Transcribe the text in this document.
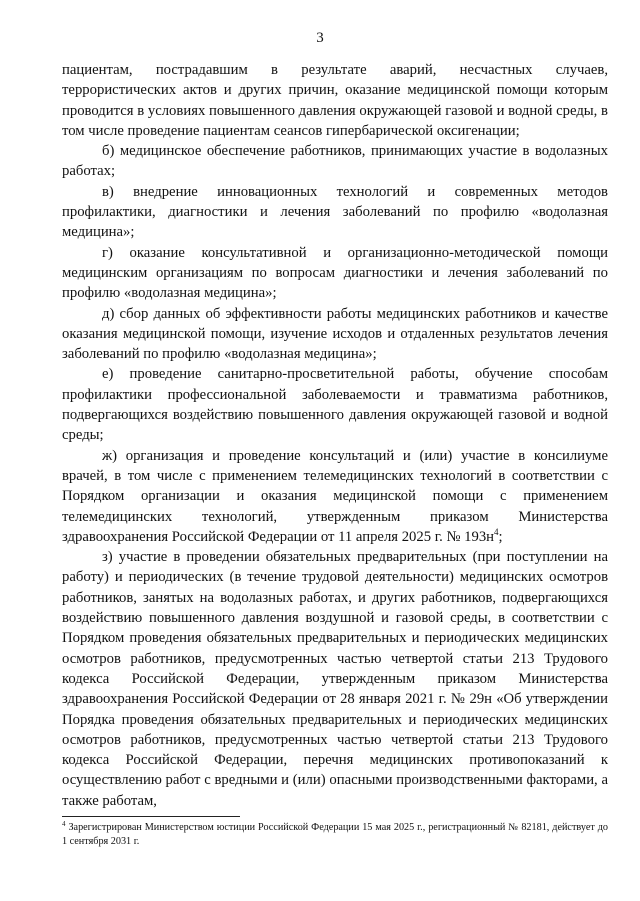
3

пациентам, пострадавшим в результате аварий, несчастных случаев, террористических актов и других причин, оказание медицинской помощи которым проводится в условиях повышенного давления окружающей газовой и водной среды, в том числе проведение пациентам сеансов гипербарической оксигенации;

б) медицинское обеспечение работников, принимающих участие в водолазных работах;

в) внедрение инновационных технологий и современных методов профилактики, диагностики и лечения заболеваний по профилю «водолазная медицина»;

г) оказание консультативной и организационно-методической помощи медицинским организациям по вопросам диагностики и лечения заболеваний по профилю «водолазная медицина»;

д) сбор данных об эффективности работы медицинских работников и качестве оказания медицинской помощи, изучение исходов и отдаленных результатов лечения заболеваний по профилю «водолазная медицина»;

е) проведение санитарно-просветительной работы, обучение способам профилактики профессиональной заболеваемости и травматизма работников, подвергающихся воздействию повышенного давления окружающей газовой и водной среды;

ж) организация и проведение консультаций и (или) участие в консилиуме врачей, в том числе с применением телемедицинских технологий в соответствии с Порядком организации и оказания медицинской помощи с применением телемедицинских технологий, утвержденным приказом Министерства здравоохранения Российской Федерации от 11 апреля 2025 г. № $193н^4$;

з) участие в проведении обязательных предварительных (при поступлении на работу) и периодических (в течение трудовой деятельности) медицинских осмотров работников, занятых на водолазных работах, и других работников, подвергающихся воздействию повышенного давления воздушной и газовой среды, в соответствии с Порядком проведения обязательных предварительных и периодических медицинских осмотров работников, предусмотренных частью четвертой статьи 213 Трудового кодекса Российской Федерации, утвержденным приказом Министерства здравоохранения Российской Федерации от 28 января 2021 г. № 29н «Об утверждении Порядка проведения обязательных предварительных и периодических медицинских осмотров работников, предусмотренных частью четвертой статьи 213 Трудового кодекса Российской Федерации, перечня медицинских противопоказаний к осуществлению работ с вредными и (или) опасными производственными факторами, а также работам,

$^4$ Зарегистрирован Министерством юстиции Российской Федерации 15 мая 2025 г., регистрационный № 82181, действует до 1 сентября 2031 г.
